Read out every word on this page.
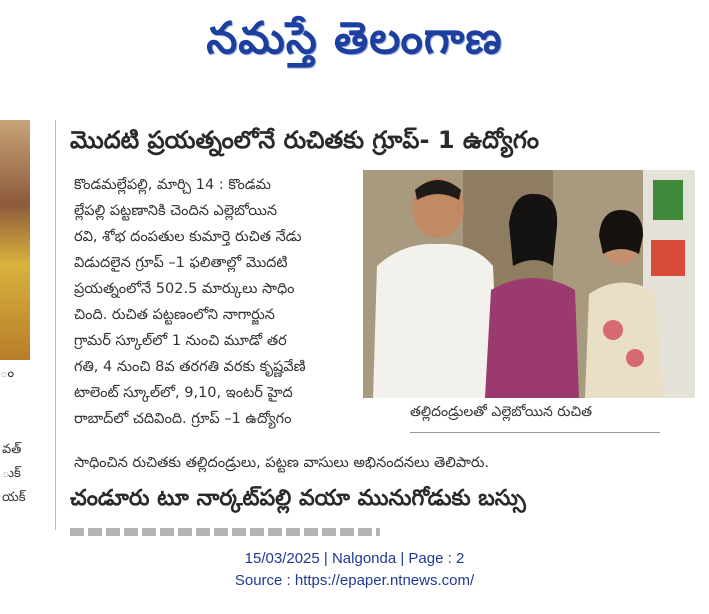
నమస్తే తెలంగాణ
ం
వత్
ుక్
యక్
మొదటి ప్రయత్నంలోనే రుచితకు గ్రూప్- 1 ఉద్యోగం
కొండమల్లేపల్లి, మార్చి 14 : కొండమ
ల్లేపల్లి పట్టణానికి చెందిన ఎల్లెబోయిన
రవి, శోభ దంపతుల కుమార్తె రుచిత నేడు
విడుదలైన గ్రూప్ –1 ఫలితాల్లో మొదటి
ప్రయత్నంలోనే 502.5 మార్కులు సాధిం
చింది. రుచిత పట్టణంలోని నాగార్జున
గ్రామర్ స్కూల్‌లో 1 నుంచి మూడో తర
గతి, 4 నుంచి 8వ తరగతి వరకు కృష్ణవేణి
టాలెంట్ స్కూల్‌లో, 9,10, ఇంటర్ హైద
రాబాద్‌లో చదివింది. గ్రూప్ –1 ఉద్యోగం	తల్లిదండ్రులతో ఎల్లెబోయిన రుచిత
సాధించిన రుచితకు తల్లిదండ్రులు, పట్టణ వాసులు అభినందనలు తెలిపారు.
చండూరు టూ నార్కట్‌పల్లి వయా మునుగోడుకు బస్సు
15/03/2025 | Nalgonda | Page : 2
Source : https://epaper.ntnews.com/
